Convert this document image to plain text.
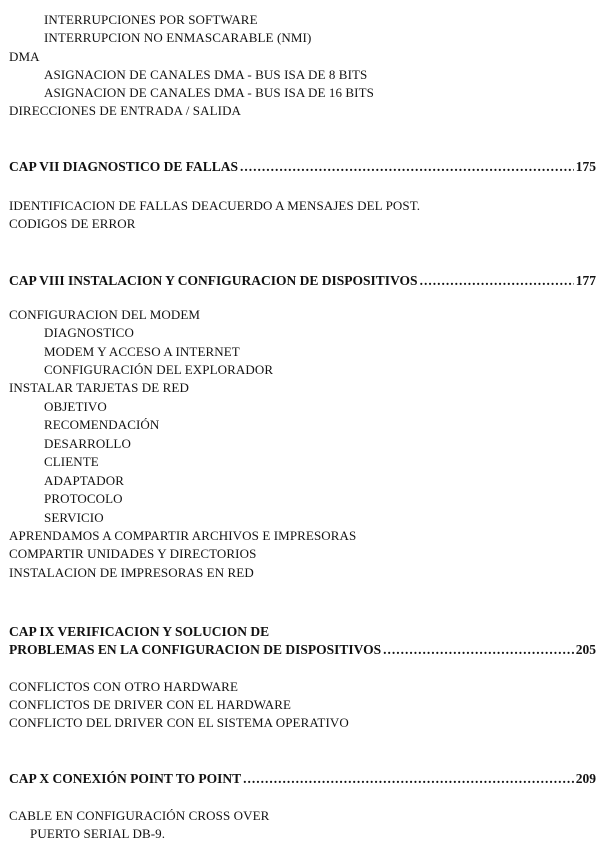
INTERRUPCIONES POR SOFTWARE
INTERRUPCION NO ENMASCARABLE (NMI)
DMA
ASIGNACION DE CANALES DMA - BUS ISA DE 8 BITS
ASIGNACION DE CANALES DMA - BUS ISA DE 16 BITS
DIRECCIONES DE ENTRADA / SALIDA
CAP VII DIAGNOSTICO DE FALLAS .....	175
IDENTIFICACION DE FALLAS DEACUERDO A MENSAJES DEL POST.
CODIGOS DE ERROR
CAP VIII INSTALACION Y CONFIGURACION DE DISPOSITIVOS .....	177
CONFIGURACION DEL MODEM
DIAGNOSTICO
MODEM Y ACCESO A INTERNET
CONFIGURACIÓN DEL EXPLORADOR
INSTALAR TARJETAS DE RED
OBJETIVO
RECOMENDACIÓN
DESARROLLO
CLIENTE
ADAPTADOR
PROTOCOLO
SERVICIO
APRENDAMOS A COMPARTIR ARCHIVOS E IMPRESORAS
COMPARTIR UNIDADES Y DIRECTORIOS
INSTALACION DE IMPRESORAS EN RED
CAP IX VERIFICACION Y SOLUCION DE
PROBLEMAS EN LA CONFIGURACION DE DISPOSITIVOS .....	205
CONFLICTOS CON OTRO HARDWARE
CONFLICTOS DE DRIVER CON EL HARDWARE
CONFLICTO DEL DRIVER CON EL SISTEMA OPERATIVO
CAP X CONEXIÓN POINT TO POINT .....	209
CABLE EN CONFIGURACIÓN CROSS OVER
PUERTO SERIAL DB-9.
